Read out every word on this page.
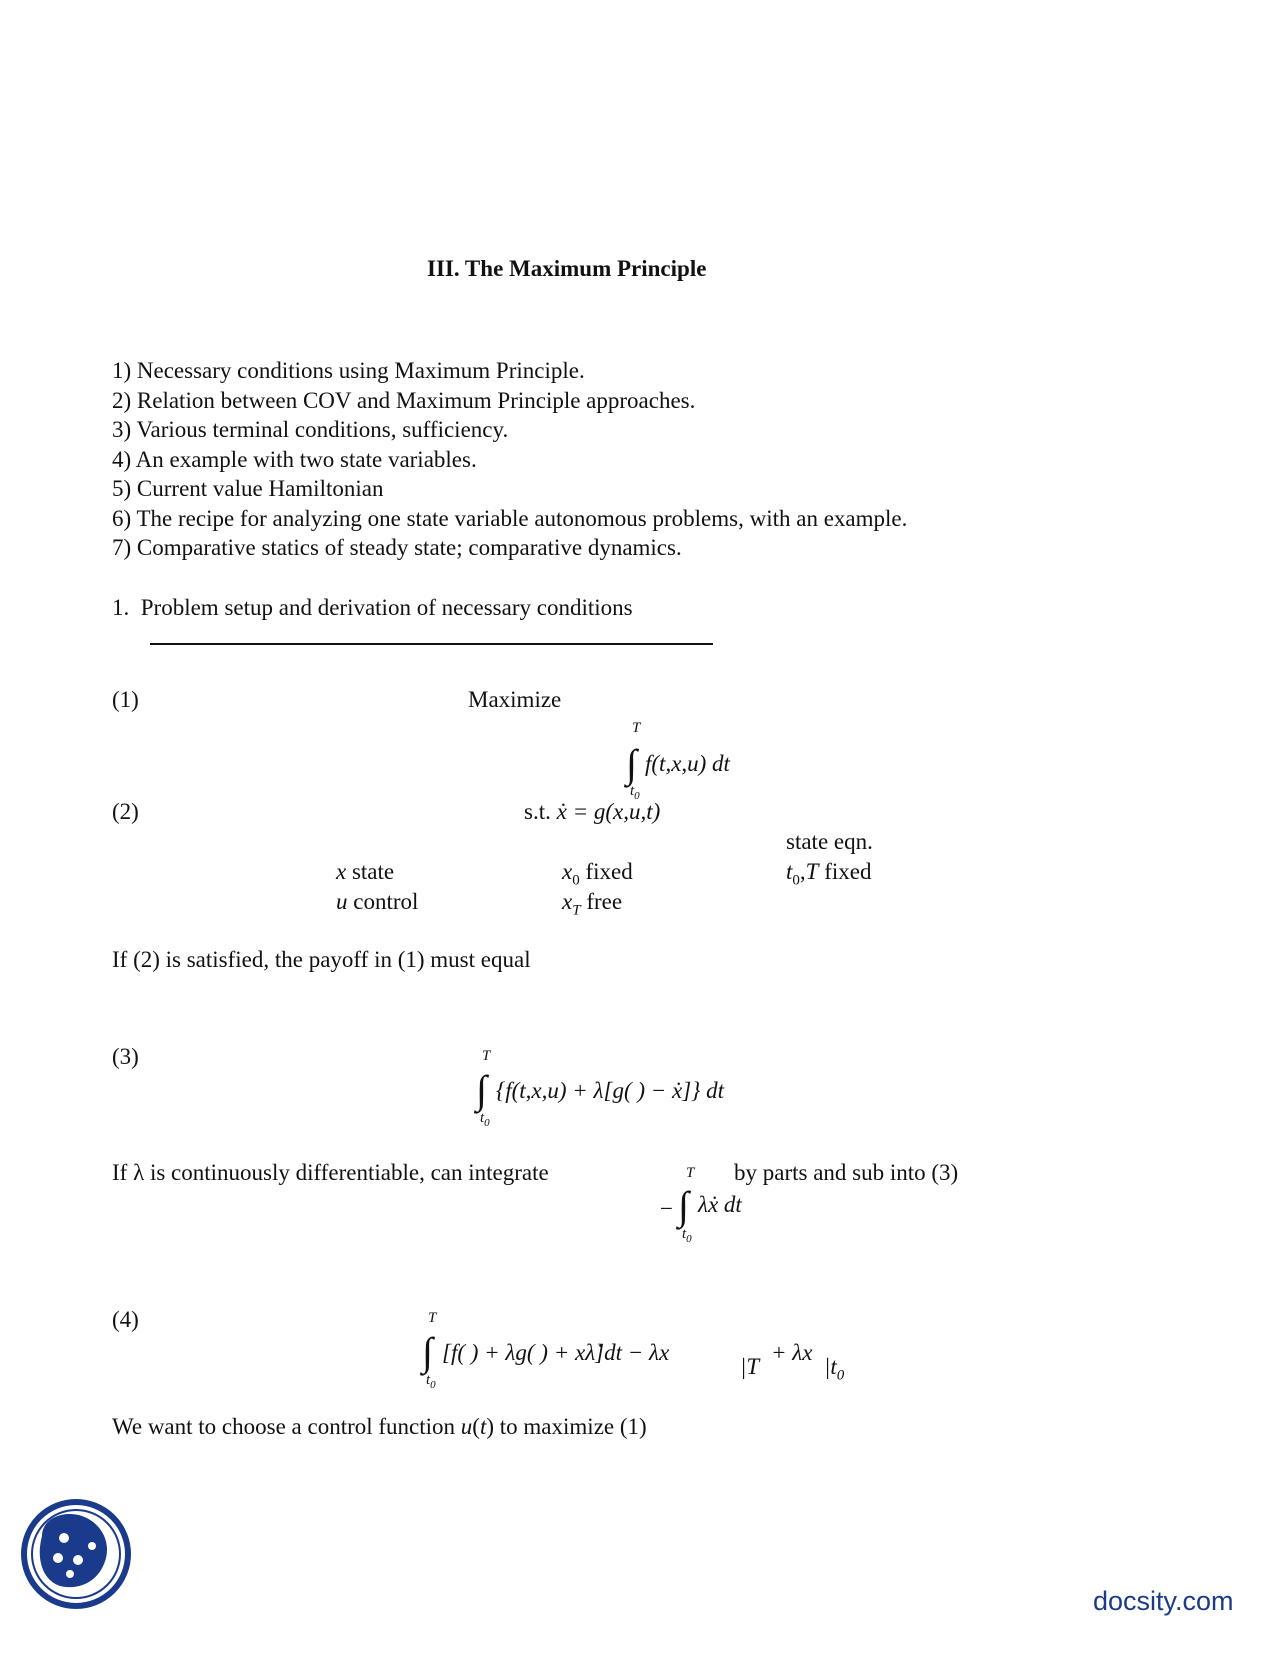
III. The Maximum Principle
1) Necessary conditions using Maximum Principle.
2) Relation between COV and Maximum Principle approaches.
3) Various terminal conditions, sufficiency.
4) An example with two state variables.
5) Current value Hamiltonian
6) The recipe for analyzing one state variable autonomous problems, with an example.
7) Comparative statics of steady state; comparative dynamics.
1. Problem setup and derivation of necessary conditions
(1)	Maximize
T
∫ f(t,x,u) dt
$t_0$
(2)	s.t. ẋ = g(x,u,t)
state eqn.
x state	$x_0$ fixed	$t_0,T$ fixed
u control	$x_T$ free
If (2) is satisfied, the payoff in (1) must equal
(3)	T
∫ {f(t,x,u) + λ[g( ) − ẋ]} dt
$t_0$
If λ is continuously differentiable, can integrate	T by parts and sub into (3)
− ∫ λẋ dt
$t_0$
(4)	T
∫ [f( ) + λg( ) + xλ̇]dt − λx
|T
+ λx
$|t_0$
$t_0$
We want to choose a control function u(t) to maximize (1)
docsity.com
